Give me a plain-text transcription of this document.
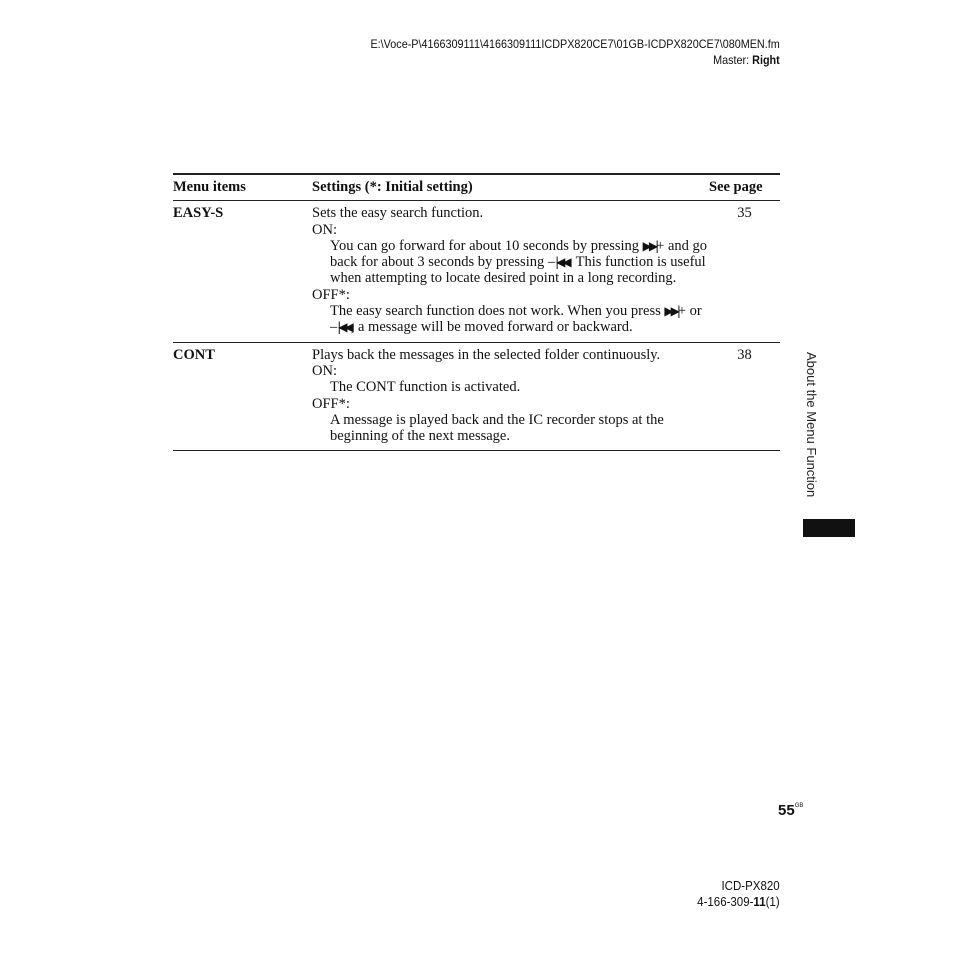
E:\Voce-P\4166309111\4166309111ICDPX820CE7\01GB-ICDPX820CE7\080MEN.fm
Master: Right
Menu items	Settings (*: Initial setting)	See page
EASY-S	Sets the easy search function.
ON:
You can go forward for about 10 seconds by pressing ▶▶|+ and go back for about 3 seconds by pressing –|◀◀. This function is useful when attempting to locate desired point in a long recording.
OFF*:
The easy search function does not work. When you press ▶▶|+ or –|◀◀, a message will be moved forward or backward.	35
CONT	Plays back the messages in the selected folder continuously.
ON:
The CONT function is activated.
OFF*:
A message is played back and the IC recorder stops at the beginning of the next message.	38	About the Menu Function
$55^{GB}$
ICD-PX820
4-166-309-11(1)
